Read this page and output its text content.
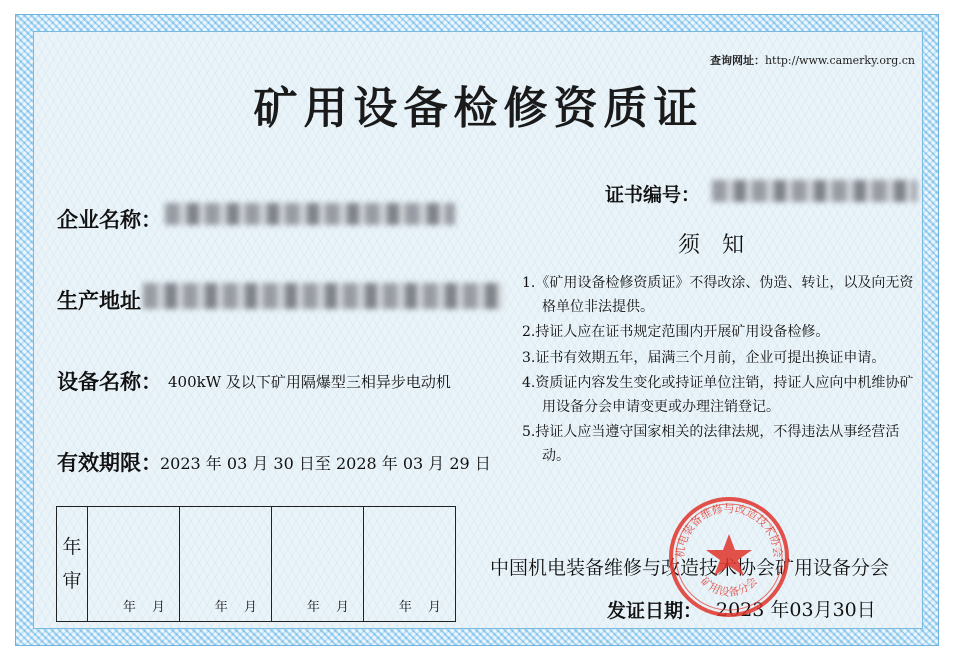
查询网址：http://www.camerky.org.cn
矿用设备检修资质证
证书编号：
企业名称：
生产地址
设备名称： 400kW 及以下矿用隔爆型三相异步电动机
有效期限：
2023 年 03 月 30 日至 2028 年 03 月 29 日
须知

1.《矿用设备检修资质证》不得改涂、伪造、转让，以及向无资格单位非法提供。

2.持证人应在证书规定范围内开展矿用设备检修。

3.证书有效期五年，届满三个月前，企业可提出换证申请。

4.资质证内容发生变化或持证单位注销，持证人应向中机维协矿用设备分会申请变更或办理注销登记。

5.持证人应当遵守国家相关的法律法规，不得违法从事经营活动。

年
审
年 月	年 月	年 月	年 月
中国机电装备维修与改造技术协会矿用设备分会
发证日期： 2023 年03月30日
机电装备维修与改造技术协会
矿用设备分会
